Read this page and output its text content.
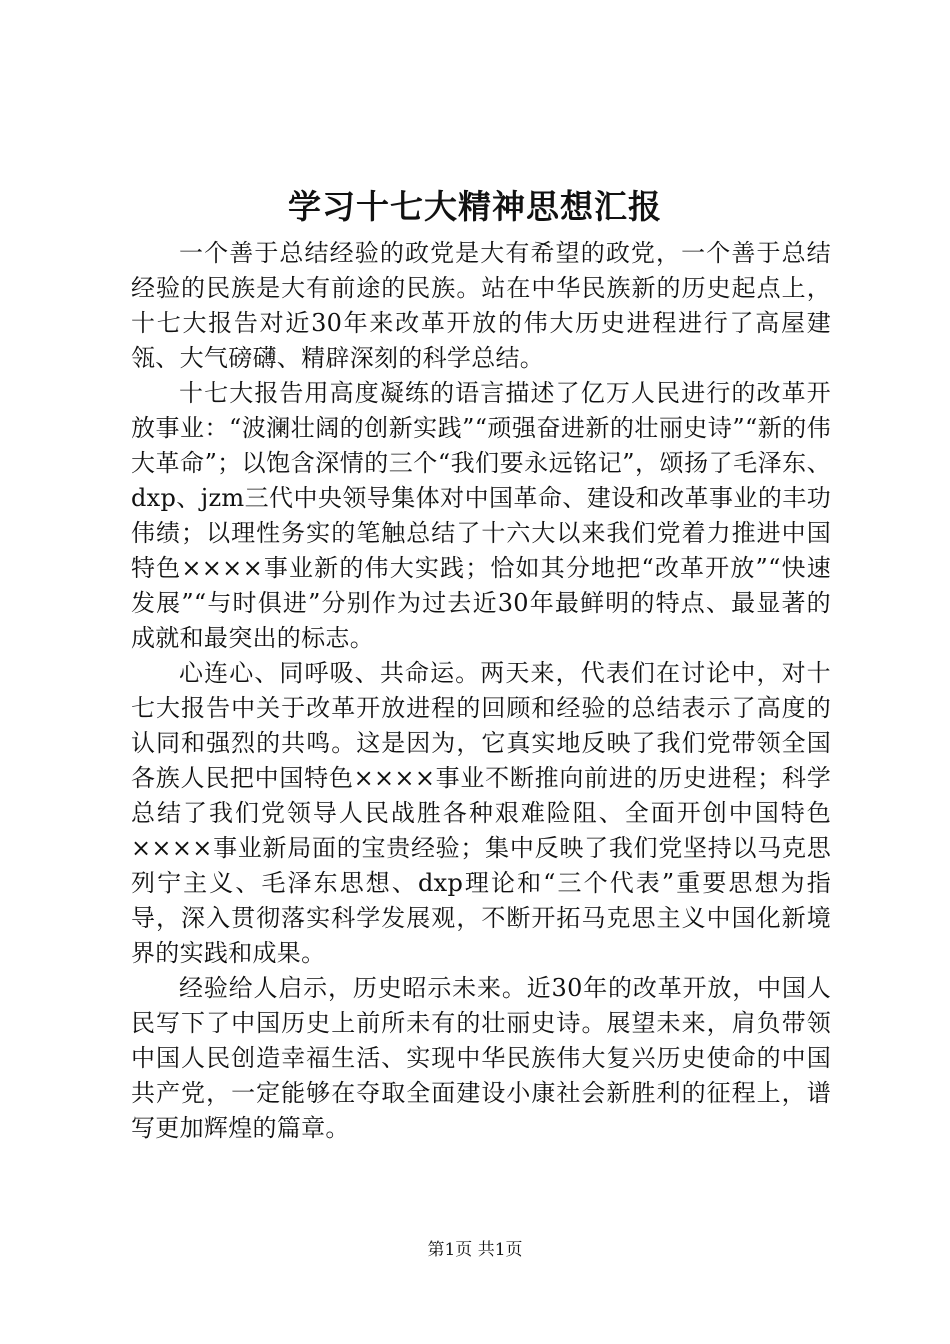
学习十七大精神思想汇报

一个善于总结经验的政党是大有希望的政党，一个善于总结经验的民族是大有前途的民族。站在中华民族新的历史起点上，十七大报告对近30年来改革开放的伟大历史进程进行了高屋建瓴、大气磅礴、精辟深刻的科学总结。

十七大报告用高度凝练的语言描述了亿万人民进行的改革开放事业：“波澜壮阔的创新实践”“顽强奋进新的壮丽史诗”“新的伟大革命”；以饱含深情的三个“我们要永远铭记”，颂扬了毛泽东、dxp、jzm三代中央领导集体对中国革命、建设和改革事业的丰功伟绩；以理性务实的笔触总结了十六大以来我们党着力推进中国特色××××事业新的伟大实践；恰如其分地把“改革开放”“快速发展”“与时俱进”分别作为过去近30年最鲜明的特点、最显著的成就和最突出的标志。

心连心、同呼吸、共命运。两天来，代表们在讨论中，对十七大报告中关于改革开放进程的回顾和经验的总结表示了高度的认同和强烈的共鸣。这是因为，它真实地反映了我们党带领全国各族人民把中国特色××××事业不断推向前进的历史进程；科学总结了我们党领导人民战胜各种艰难险阻、全面开创中国特色××××事业新局面的宝贵经验；集中反映了我们党坚持以马克思列宁主义、毛泽东思想、dxp理论和“三个代表”重要思想为指导，深入贯彻落实科学发展观，不断开拓马克思主义中国化新境界的实践和成果。

经验给人启示，历史昭示未来。近30年的改革开放，中国人民写下了中国历史上前所未有的壮丽史诗。展望未来，肩负带领中国人民创造幸福生活、实现中华民族伟大复兴历史使命的中国共产党，一定能够在夺取全面建设小康社会新胜利的征程上，谱写更加辉煌的篇章。

第1页 共1页
